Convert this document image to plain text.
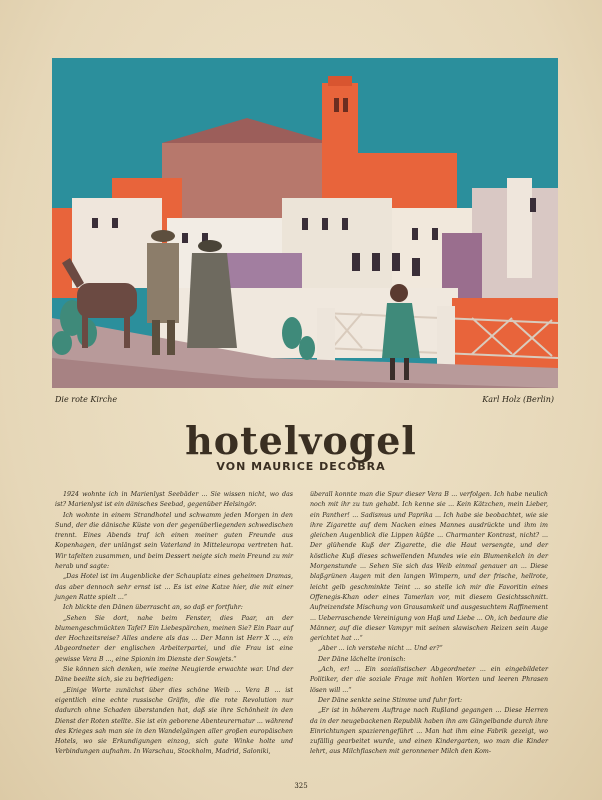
Die rote Kirche	Karl Holz (Berlin)
hotelvogel
VON MAURICE DECOBRA

1924 wohnte ich in Marienlyst Seebäder ... Sie wissen nicht, wo das ist? Marienlyst ist ein dänisches Seebad, gegenüber Helsingör.

Ich wohnte in einem Strandhotel und schwamm jeden Morgen in den Sund, der die dänische Küste von der gegenüberliegenden schwedischen trennt. Eines Abends traf ich einen meiner guten Freunde aus Kopenhagen, der unlängst sein Vaterland in Mitteleuropa vertreten hat. Wir tafelten zusammen, und beim Dessert neigte sich mein Freund zu mir herab und sagte:

„Das Hotel ist im Augenblicke der Schauplatz eines geheimen Dramas, das aber dennoch sehr ernst ist ... Es ist eine Katze hier, die mit einer jungen Ratte spielt ...“

Ich blickte den Dänen überrascht an, so daß er fortfuhr:

„Sehen Sie dort, nahe beim Fenster, dies Paar, an der blumengeschmückten Tafel? Ein Liebespärchen, meinen Sie? Ein Paar auf der Hochzeitsreise? Alles andere als das ... Der Mann ist Herr X ..., ein Abgeordneter der englischen Arbeiterpartei, und die Frau ist eine gewisse Vera B ..., eine Spionin im Dienste der Sowjets.“

Sie können sich denken, wie meine Neugierde erwachte war. Und der Däne beeilte sich, sie zu befriedigen:

„Einige Worte zunächst über dies schöne Weib ... Vera B ... ist eigentlich eine echte russische Gräfin, die die rote Revolution nur dadurch ohne Schaden überstanden hat, daß sie ihre Schönheit in den Dienst der Roten stellte. Sie ist ein geborene Abenteurernatur ... während des Krieges sah man sie in den Wandelgängen aller großen europäischen Hotels, wo sie Erkundigungen einzog, sich gute Winke holte und Verbindungen aufnahm. In Warschau, Stockholm, Madrid, Saloniki,

überall konnte man die Spur dieser Vera B ... verfolgen. Ich habe neulich noch mit ihr zu tun gehabt. Ich kenne sie ... Kein Kätzchen, mein Lieber, ein Panther! ... Sadismus und Paprika ... Ich habe sie beobachtet, wie sie ihre Zigarette auf dem Nacken eines Mannes ausdrückte und ihm im gleichen Augenblick die Lippen küßte ... Charmanter Kontrast, nicht? ... Der glühende Kuß der Zigarette, die die Haut versengte, und der köstliche Kuß dieses schwellenden Mundes wie ein Blumenkelch in der Morgenstunde ... Sehen Sie sich das Weib einmal genauer an ... Diese blaßgrünen Augen mit den langen Wimpern, und der frische, hellrote, leicht gelb geschminkte Teint ... so stelle ich mir die Favoritin eines Offenegis-Khan oder eines Tamerlan vor, mit diesem Gesichtsschnitt. Aufreizendste Mischung von Grausamkeit und ausgesuchtem Raffinement ... Ueberraschende Vereinigung von Haß und Liebe ... Oh, ich bedaure die Männer, auf die dieser Vampyr mit seinen slawischen Reizen sein Auge gerichtet hat ...“

„Aber ... ich verstehe nicht ... Und er?“

Der Däne lächelte ironisch:

„Ach, er! ... Ein sozialistischer Abgeordneter ... ein eingebildeter Politiker, der die soziale Frage mit hohlen Worten und leeren Phrasen lösen will ...“

Der Däne senkte seine Stimme und fuhr fort:

„Er ist in höherem Auftrage nach Rußland gegangen ... Diese Herren da in der neugebackenen Republik haben ihn am Gängelbande durch ihre Einrichtungen spazierengeführt ... Man hat ihm eine Fabrik gezeigt, wo zufällig gearbeitet wurde, und einen Kindergarten, wo man die Kinder lehrt, aus Milchflaschen mit geronnener Milch den Kom-

325
